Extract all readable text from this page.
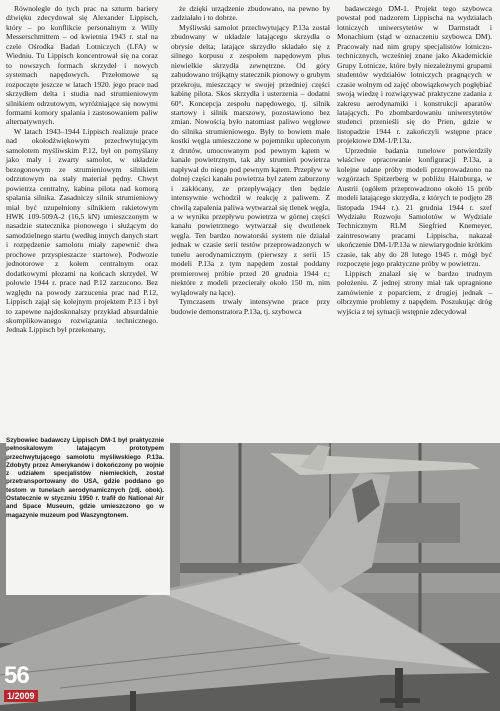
Równolegle do tych prac na szturm bariery dźwięku zdecydował się Alexander Lippisch, który – po konflikcie personalnym z Willy Messerschmittem – od kwietnia 1943 r. stał na czele Ośrodka Badań Lotniczych (LFA) w Wiedniu. Tu Lippisch koncentrował się na coraz to nowszych formach skrzydeł i nowych systemach napędowych. Przełomowe są rozpoczęte jeszcze w latach 1920. jego prace nad skrzydłem delta i studia nad strumieniowym silnikiem odrzutowym, wyróżniające się nowymi formami komory spalania i zastosowaniem paliw alternatywnych.

W latach 1943–1944 Lippisch realizuje prace nad okołodźwiękowym przechwytującym samolotem myśliwskim P.12, był on pomyślany jako mały i zwarty samolot, w układzie bezogonowym ze strumieniowym silnikiem odrzutowym na stały materiał pędny. Chwyt powietrza centralny, kabina pilota nad komorą spalania silnika. Zasadniczy silnik strumieniowy miał być uzupełniony silnikiem rakietowym HWK 109-509A-2 (16,5 kN) umieszczonym w nasadzie statecznika pionowego i służącym do samodzielnego startu (według innych danych start i rozpędzenie samolotu miały zapewnić dwa prochowe przyspieszacze startowe). Podwozie jednotorowe z kołem centralnym oraz dodatkowymi płozami na końcach skrzydeł. W połowie 1944 r. prace nad P.12 zarzucono. Bez względu na powody zarzucenia prac nad P.12, Lippisch zajął się kolejnym projektem P.13 i był to zapewne najdoskonalszy przykład absurdalnie skomplikowanego rozwiązania technicznego. Jednak Lippisch był przekonany,

że dzięki urządzenie zbudowano, na pewno by zadziałało i to dobrze.

Myśliwski samolot przechwytujący P.13a został zbudowany w układzie latającego skrzydła o obrysie delta; latające skrzydło składało się z silnego korpusu z zespołem napędowym plus niewielkie skrzydła zewnętrzne. Od góry zabudowano trójkątny statecznik pionowy o grubym przekroju, mieszczący w swojej przedniej części kabinę pilota. Skos skrzydła i usterzenia – dodatni 60°. Koncepcja zespołu napędowego, tj. silnik startowy i silnik marszowy, pozostawiono bez zmian. Nowością było natomiast paliwo węglowe do silnika strumieniowego. Były to bowiem małe kostki węgla umieszczone w pojemniku upleconym z drutów, umocowanym pod pewnym kątem w kanale powietrznym, tak aby strumień powietrza napływał do niego pod pewnym kątem. Przepływ w dolnej części kanału powietrza był zatem zaburzony i zakłócany, ze przepływający tlen będzie intensywnie wchodził w reakcję z paliwem. Z chwilą zapalenia paliwa wytwarzał się tlenek węgla, a w wyniku przepływu powietrza w górnej części kanału powietrznego wytwarzał się dwutlenek węgla. Ten bardzo nowatorski system nie działał jednak w czasie serii testów przeprowadzonych w tunelu aerodynamicznym (pierwszy z serii 15 modeli P.13a z tym napędem został poddany premierowej próbie przed 20 grudnia 1944 r.; niektóre z modeli przecierały około 150 m, nim wylądowały na łące).

Tymczasem trwały intensywne prace przy budowie demonstratora P.13a, tj. szybowca

badawczego DM-1. Projekt tego szybowca powstał pod nadzorem Lippischa na wydziałach lotniczych uniwersytetów w Darmstadt i Monachium (stąd w oznaczeniu szybowca DM). Pracowały nad nim grupy specjalistów lotniczo-technicznych, wcześniej znane jako Akademickie Grupy Lotnicze, które były niezależnymi grupami studentów wydziałów lotniczych pragnących w czasie wolnym od zajęć obowiązkowych pogłębiać swoją wiedzę i rozwiązywać praktyczne zadania z zakresu aerodynamiki i konstrukcji aparatów latających. Po zbombardowaniu uniwersytetów studenci przenieśli się do Prien, gdzie w listopadzie 1944 r. zakończyli wstępne prace projektowe DM-1/P.13a.

Uprzednie badania tunelowe potwierdziły właściwe opracowanie konfiguracji P.13a, a kolejne udane próby modeli przeprowadzono na wzgórzach Spitzerberg w pobliżu Hainburga, w Austrii (ogółem przeprowadzono około 15 prób modeli latającego skrzydła, z których te podjęto 28 listopada 1944 r.). 21 grudnia 1944 r. szef Wydziału Rozwoju Samolotów w Wydziale Technicznym RLM Siegfried Knemeyer, zaintresowany pracami Lippischa, nakazał ukończenie DM-1/P.13a w niewiarygodnie krótkim czasie, tak aby do 28 lutego 1945 r. mógł być rozpoczęte jego praktyczne próby w powietrzu.

Lippisch znalazł się w bardzo trudnym położeniu. Z jednej strony miał tak upragnione zamówienie z poparciem, z drugiej jednak – olbrzymie problemy z napędem. Poszukując dróg wyjścia z tej sytuacji wstępnie zdecydował

Szybowiec badawczy Lippisch DM-1 był praktycznie pełnoskalowym latającym prototypem przechwytującego samolotu myśliwskiego P.13a. Zdobyty przez Amerykanów i dokończony po wojnie z udziałem specjalistów niemieckich, został przetransportowany do USA, gdzie poddano go testom w tunelach aerodynamicznych (zdj. obok). Ostatecznie w styczniu 1950 r. trafił do National Air and Space Museum, gdzie umieszczono go w magazynie muzeum pod Waszyngtonem.
56
1/2009
